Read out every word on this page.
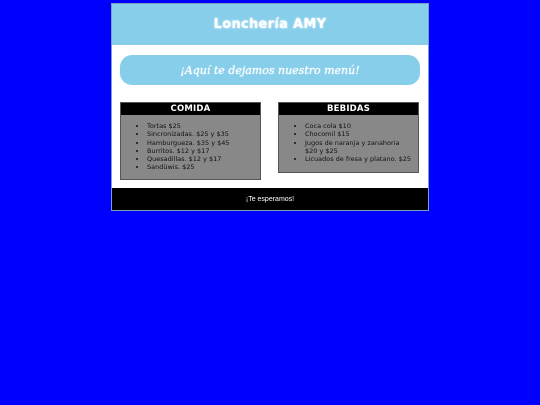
Lonchería AMY
¡Aquí te dejamos nuestro menú!
COMIDA
• Tortas $25
• Sincronizadas. $25 y $35
• Hamburgueza. $35 y $45
• Burritos. $12 y $17
• Quesadillas. $12 y $17
• Sandüwis. $25
BEBIDAS
• Coca cola $10
• Chocomil $15
• Jugos de naranja y zanahoria $20 y $25
• Licuados de fresa y platano. $25
¡Te esperamos!
